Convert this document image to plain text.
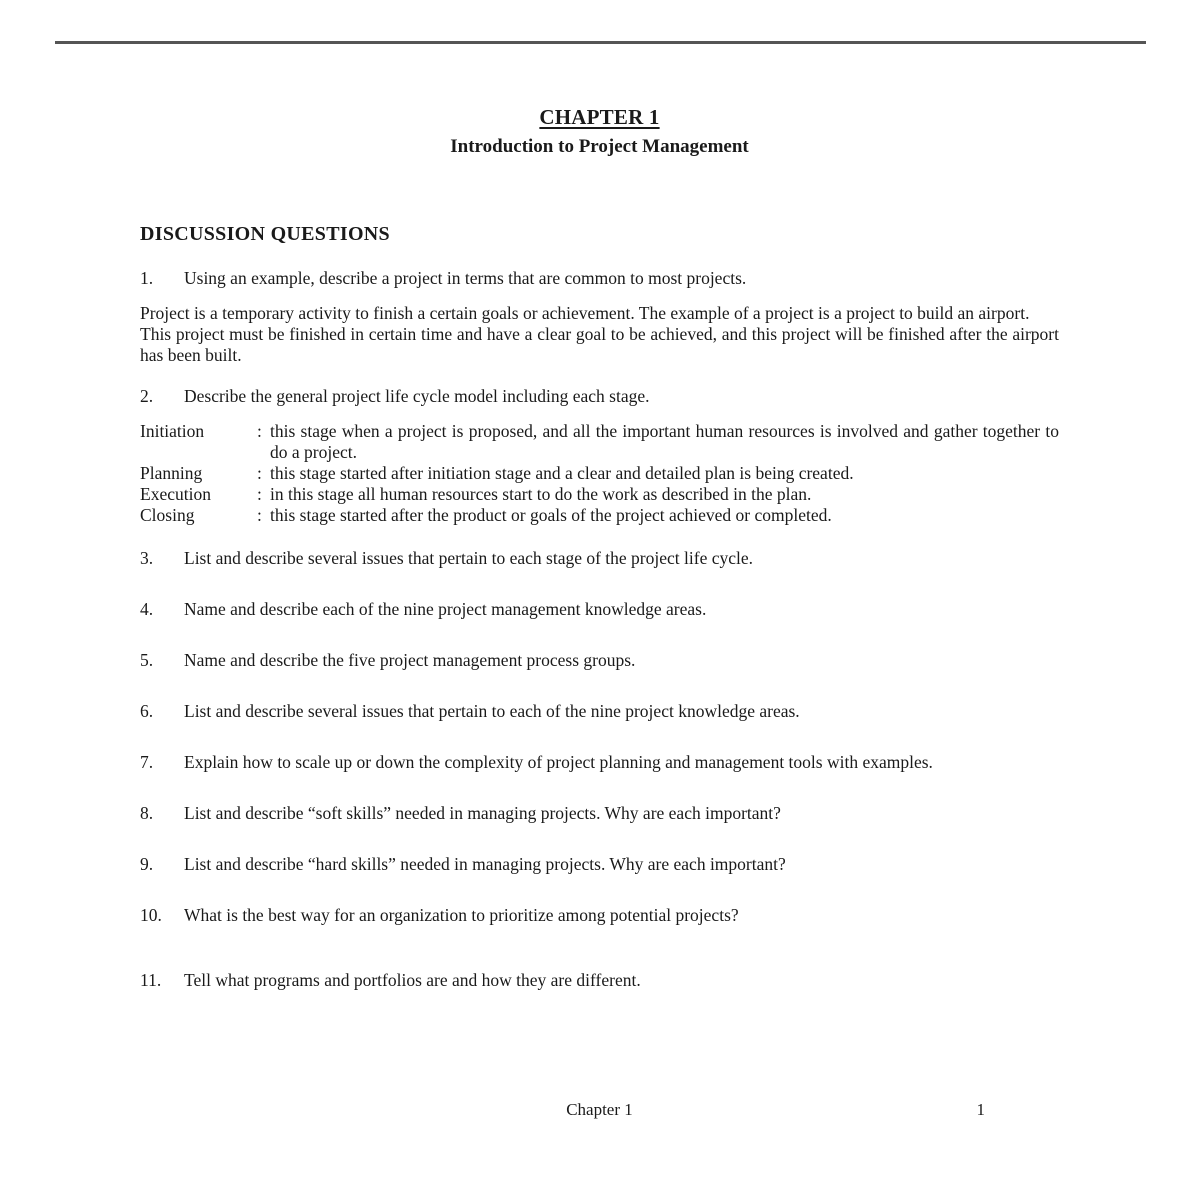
CHAPTER 1
Introduction to Project Management
DISCUSSION QUESTIONS
1.	Using an example, describe a project in terms that are common to most projects.

Project is a temporary activity to finish a certain goals or achievement. The example of a project is a project to build an airport.

This project must be finished in certain time and have a clear goal to be achieved, and this project will be finished after the airport has been built.

2.	Describe the general project life cycle model including each stage.
Initiation	: this stage when a project is proposed, and all the important human resources is involved and gather together to do a project.
Planning	: this stage started after initiation stage and a clear and detailed plan is being created.
Execution	: in this stage all human resources start to do the work as described in the plan.
Closing	: this stage started after the product or goals of the project achieved or completed.
3.	List and describe several issues that pertain to each stage of the project life cycle.
4.	Name and describe each of the nine project management knowledge areas.
5.	Name and describe the five project management process groups.
6.	List and describe several issues that pertain to each of the nine project knowledge areas.
7.	Explain how to scale up or down the complexity of project planning and management tools with examples.
8.	List and describe “soft skills” needed in managing projects. Why are each important?
9.	List and describe “hard skills” needed in managing projects. Why are each important?
10.	What is the best way for an organization to prioritize among potential projects?
11.	Tell what programs and portfolios are and how they are different.
Chapter 1	1
